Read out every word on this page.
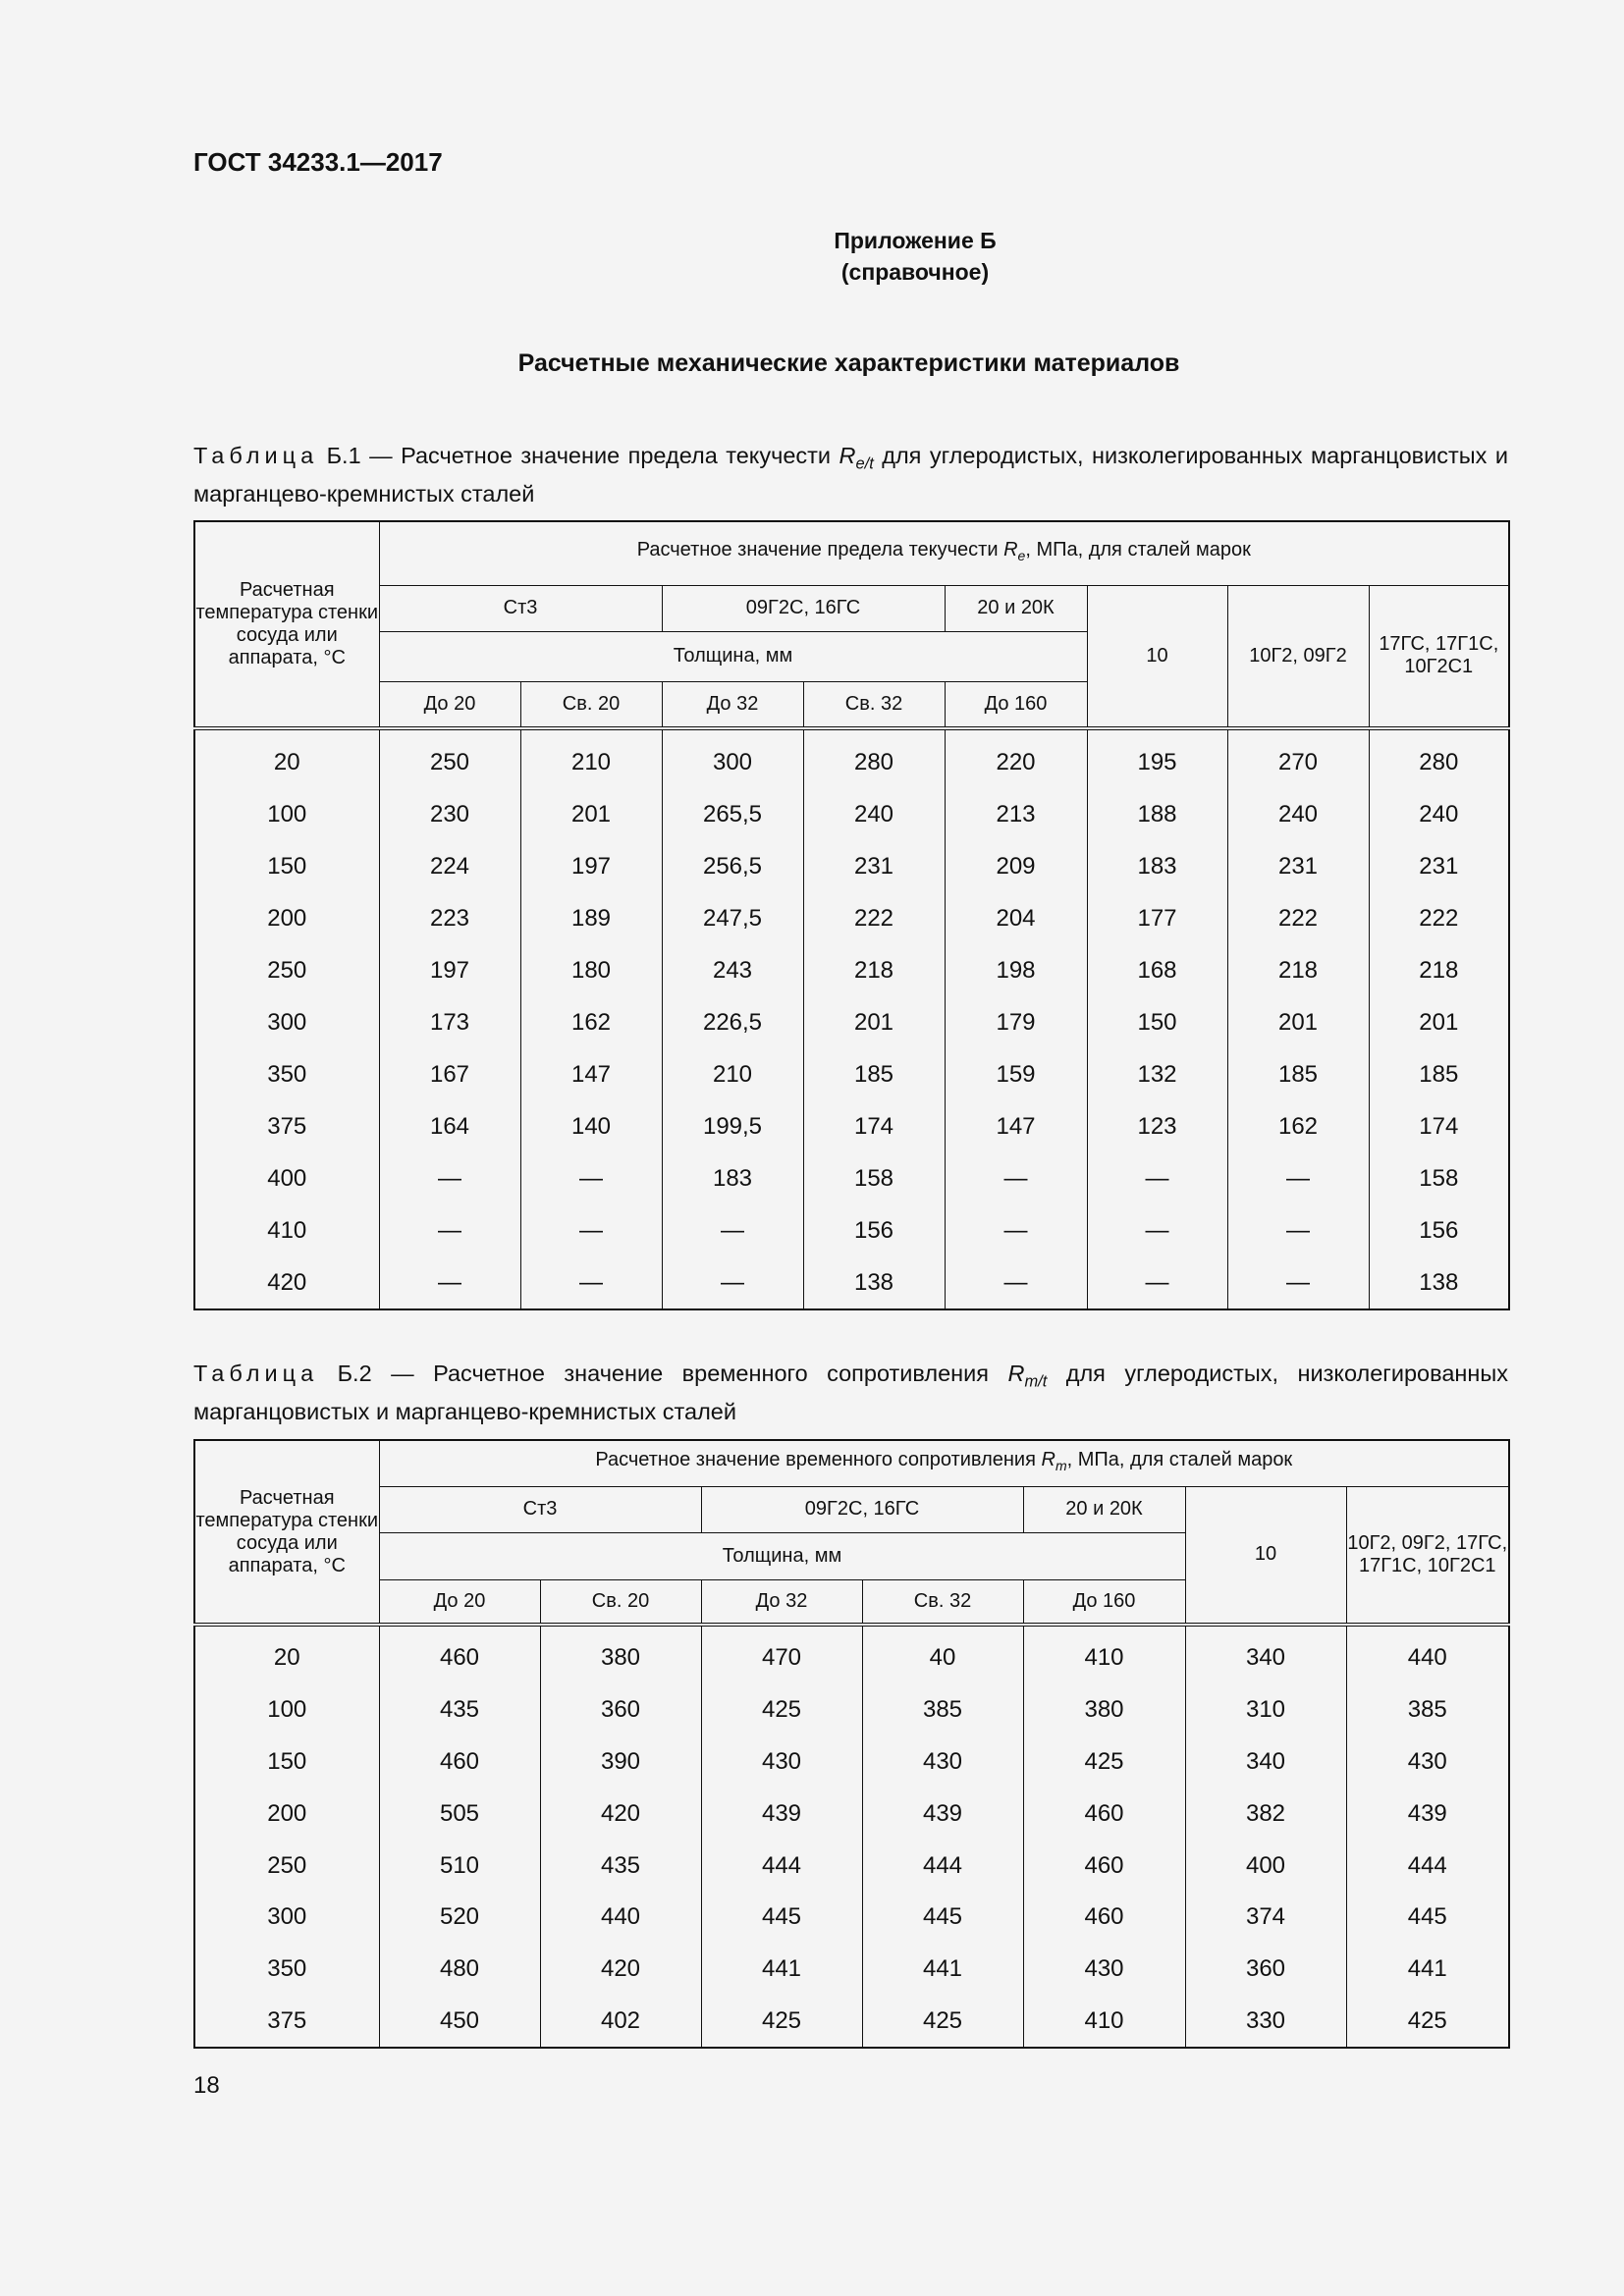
ГОСТ 34233.1—2017
Приложение Б
(справочное)
Расчетные механические характеристики материалов
Таблица Б.1 — Расчетное значение предела текучести $R_{e/t}$ для углеродистых, низколегированных марганцовистых и марганцево-кремнистых сталей
Расчетная температура стенки сосуда или аппарата, °С	Расчетное значение предела текучести $R_e$, МПа, для сталей марок							
	Ст3		09Г2С, 16ГС		20 и 20К	10	10Г2, 09Г2	17ГС, 17Г1С, 10Г2С1
	Толщина, мм							
	До 20	Св. 20	До 32	Св. 32	До 160			
20	250	210	300	280	220	195	270	280
100	230	201	265,5	240	213	188	240	240
150	224	197	256,5	231	209	183	231	231
200	223	189	247,5	222	204	177	222	222
250	197	180	243	218	198	168	218	218
300	173	162	226,5	201	179	150	201	201
350	167	147	210	185	159	132	185	185
375	164	140	199,5	174	147	123	162	174
400	—	—	183	158	—	—	—	158
410	—	—	—	156	—	—	—	156
420	—	—	—	138	—	—	—	138
Таблица Б.2 — Расчетное значение временного сопротивления $R_{m/t}$ для углеродистых, низколегированных марганцовистых и марганцево-кремнистых сталей
Расчетная температура стенки сосуда или аппарата, °С	Расчетное значение временного сопротивления $R_m$, МПа, для сталей марок						
	Ст3		09Г2С, 16ГС		20 и 20К	10	10Г2, 09Г2, 17ГС, 17Г1С, 10Г2С1
	Толщина, мм						
	До 20	Св. 20	До 32	Св. 32	До 160		
20	460	380	470	40	410	340	440
100	435	360	425	385	380	310	385
150	460	390	430	430	425	340	430
200	505	420	439	439	460	382	439
250	510	435	444	444	460	400	444
300	520	440	445	445	460	374	445
350	480	420	441	441	430	360	441
375	450	402	425	425	410	330	425
18
